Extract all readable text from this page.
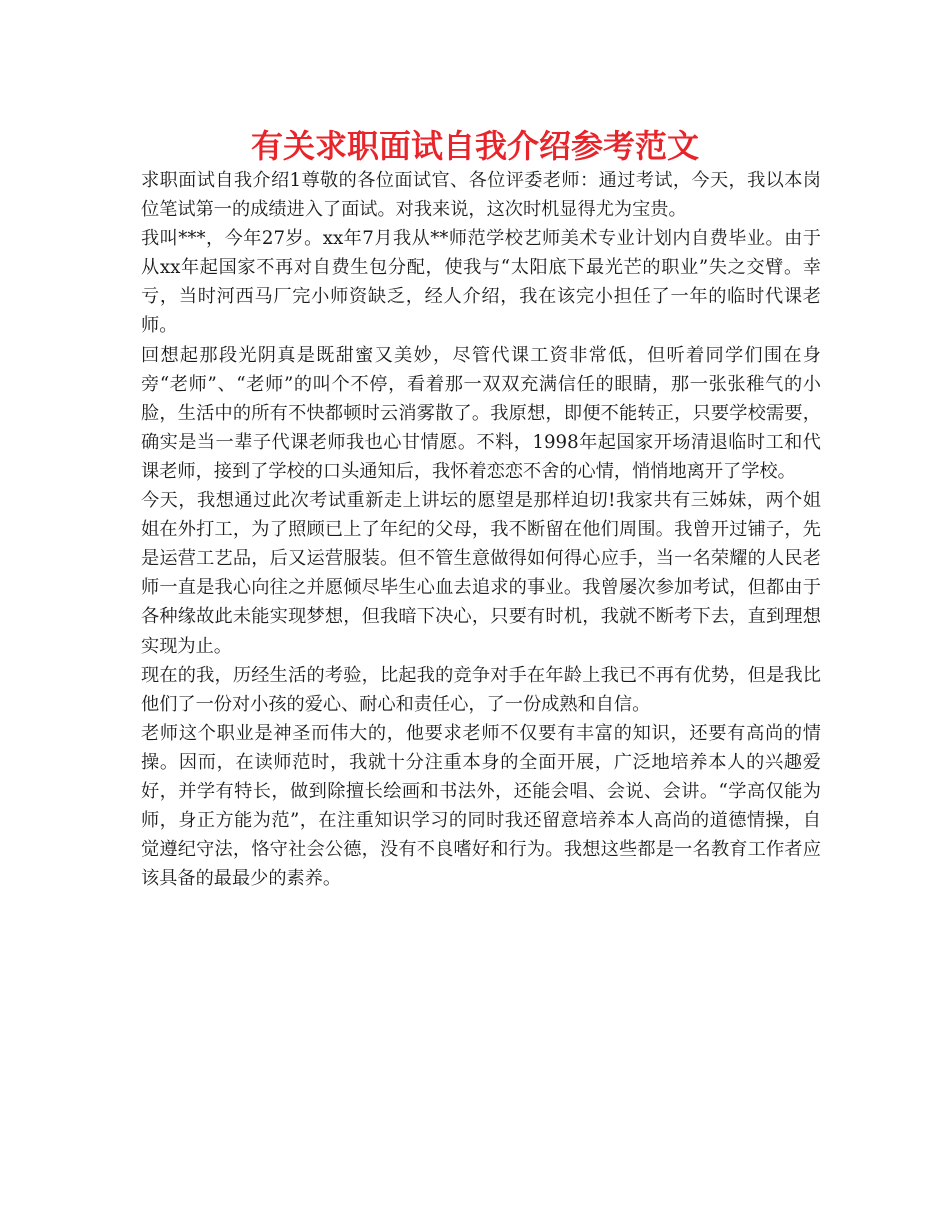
有关求职面试自我介绍参考范文

求职面试自我介绍1尊敬的各位面试官、各位评委老师：通过考试，今天，我以本岗位笔试第一的成绩进入了面试。对我来说，这次时机显得尤为宝贵。

我叫***，今年27岁。xx年7月我从**师范学校艺师美术专业计划内自费毕业。由于从xx年起国家不再对自费生包分配，使我与“太阳底下最光芒的职业”失之交臂。幸亏，当时河西马厂完小师资缺乏，经人介绍，我在该完小担任了一年的临时代课老师。

回想起那段光阴真是既甜蜜又美妙，尽管代课工资非常低，但听着同学们围在身旁“老师”、“老师”的叫个不停，看着那一双双充满信任的眼睛，那一张张稚气的小脸，生活中的所有不快都顿时云消雾散了。我原想，即便不能转正，只要学校需要，确实是当一辈子代课老师我也心甘情愿。不料，1998年起国家开场清退临时工和代课老师，接到了学校的口头通知后，我怀着恋恋不舍的心情，悄悄地离开了学校。

今天，我想通过此次考试重新走上讲坛的愿望是那样迫切!我家共有三姊妹，两个姐姐在外打工，为了照顾已上了年纪的父母，我不断留在他们周围。我曾开过铺子，先是运营工艺品，后又运营服装。但不管生意做得如何得心应手，当一名荣耀的人民老师一直是我心向往之并愿倾尽毕生心血去追求的事业。我曾屡次参加考试，但都由于各种缘故此未能实现梦想，但我暗下决心，只要有时机，我就不断考下去，直到理想实现为止。

现在的我，历经生活的考验，比起我的竞争对手在年龄上我已不再有优势，但是我比他们了一份对小孩的爱心、耐心和责任心，了一份成熟和自信。

老师这个职业是神圣而伟大的，他要求老师不仅要有丰富的知识，还要有高尚的情操。因而，在读师范时，我就十分注重本身的全面开展，广泛地培养本人的兴趣爱好，并学有特长，做到除擅长绘画和书法外，还能会唱、会说、会讲。“学高仅能为师，身正方能为范”，在注重知识学习的同时我还留意培养本人高尚的道德情操，自觉遵纪守法，恪守社会公德，没有不良嗜好和行为。我想这些都是一名教育工作者应该具备的最最少的素养。
